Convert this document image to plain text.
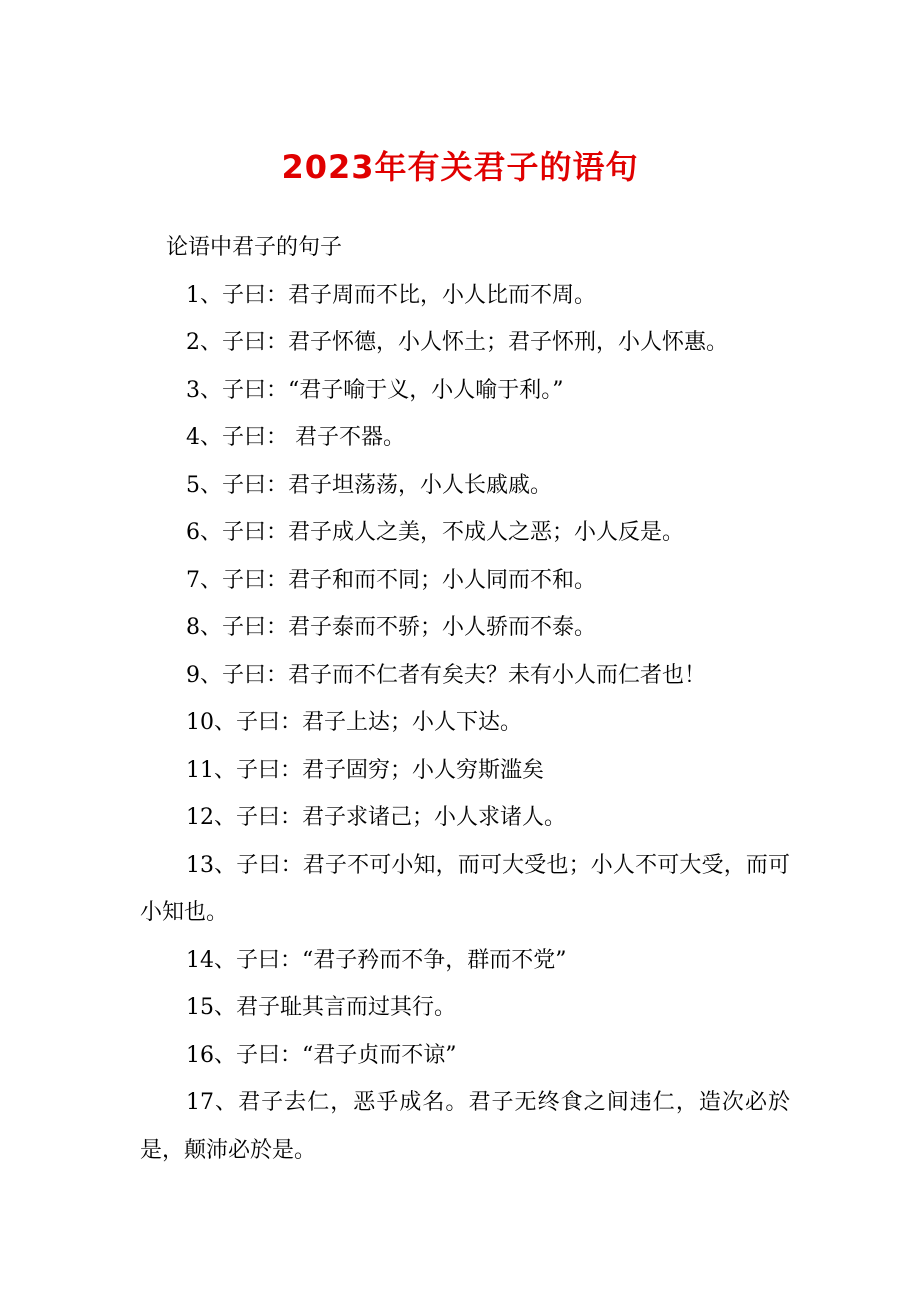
2023年有关君子的语句

论语中君子的句子

1、子曰：君子周而不比，小人比而不周。

2、子曰：君子怀德，小人怀土；君子怀刑，小人怀惠。

3、子曰：“君子喻于义，小人喻于利。”

4、子曰： 君子不器。

5、子曰：君子坦荡荡，小人长戚戚。

6、子曰：君子成人之美，不成人之恶；小人反是。

7、子曰：君子和而不同；小人同而不和。

8、子曰：君子泰而不骄；小人骄而不泰。

9、子曰：君子而不仁者有矣夫？未有小人而仁者也！

10、子曰：君子上达；小人下达。

11、子曰：君子固穷；小人穷斯滥矣

12、子曰：君子求诸己；小人求诸人。

13、子曰：君子不可小知，而可大受也；小人不可大受，而可小知也。

14、子曰：“君子矜而不争，群而不党”

15、君子耻其言而过其行。

16、子曰：“君子贞而不谅”

17、君子去仁，恶乎成名。君子无终食之间违仁，造次必於是，颠沛必於是。
